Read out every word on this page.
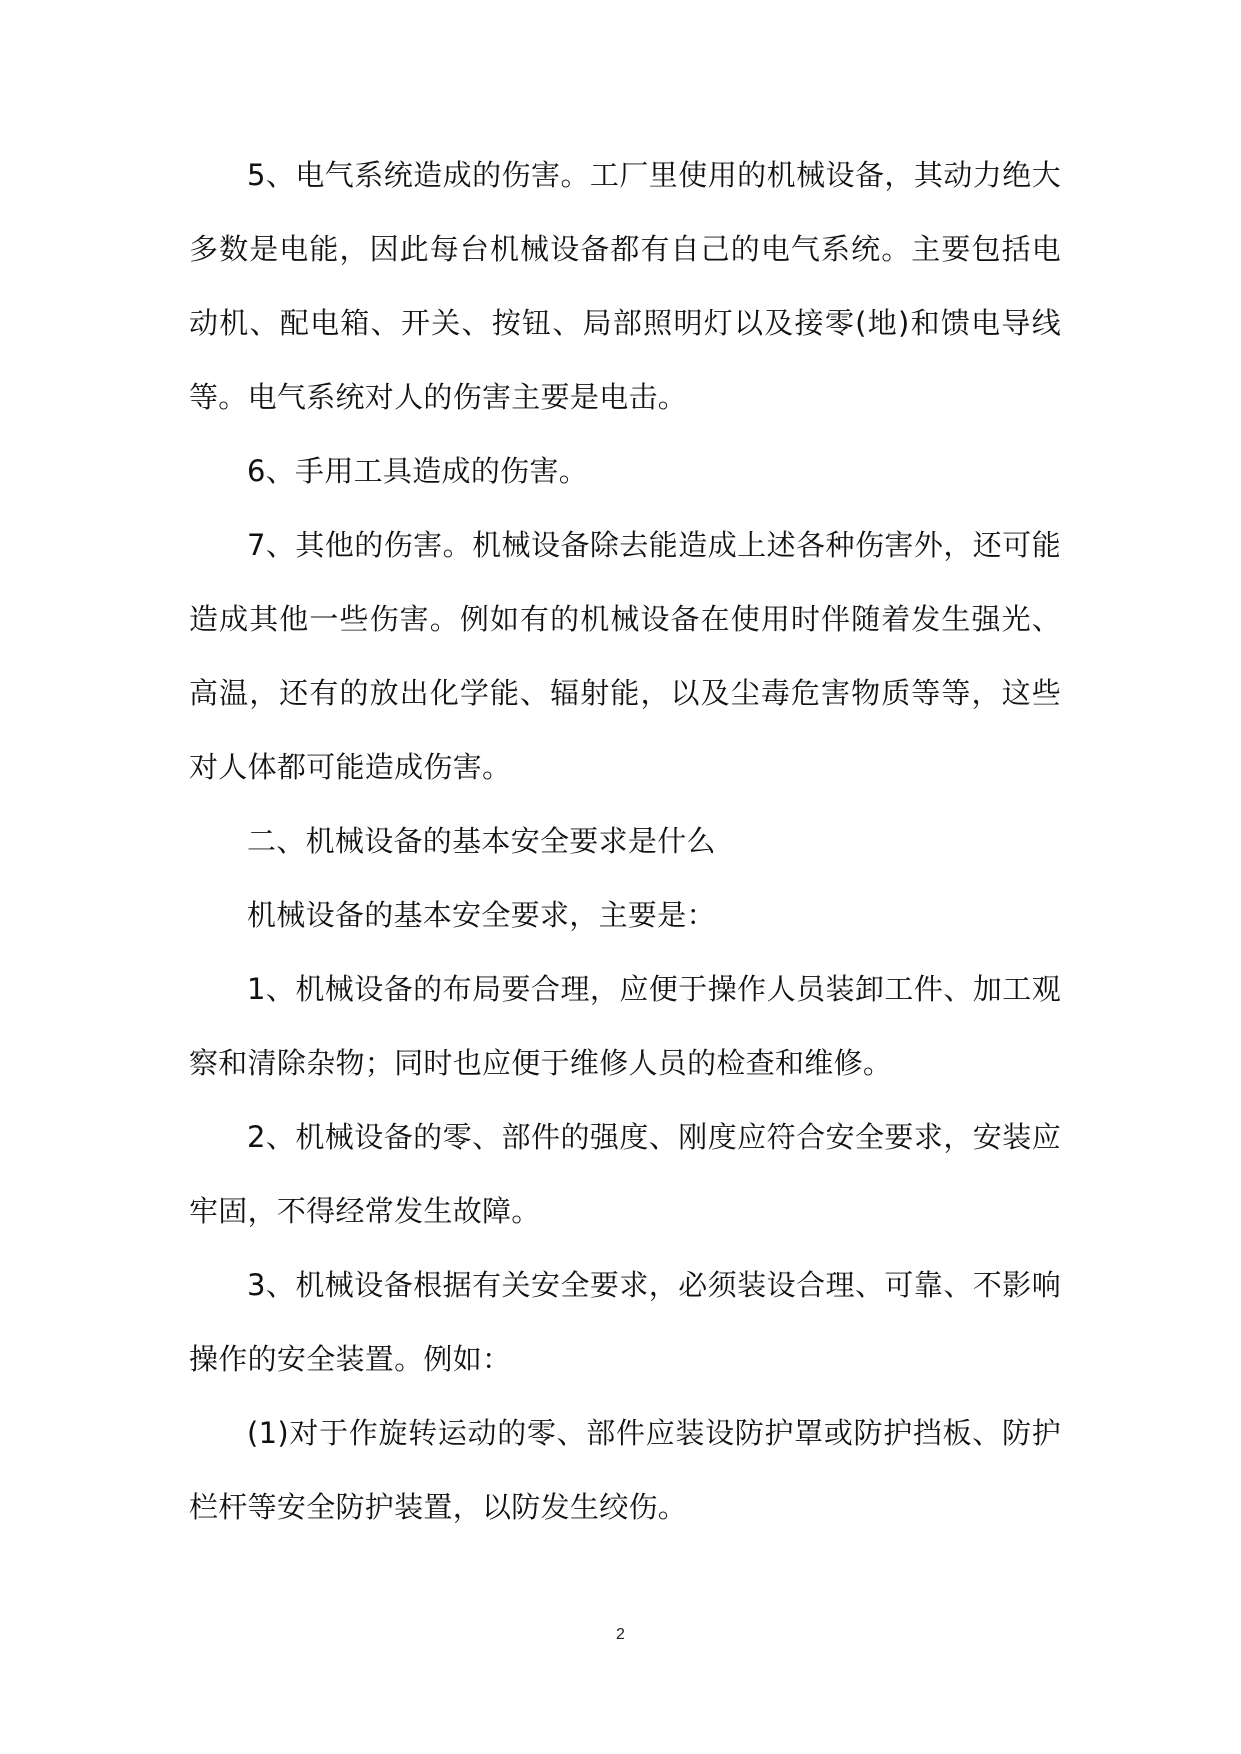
5、电气系统造成的伤害。工厂里使用的机械设备，其动力绝大多数是电能，因此每台机械设备都有自己的电气系统。主要包括电动机、配电箱、开关、按钮、局部照明灯以及接零(地)和馈电导线等。电气系统对人的伤害主要是电击。

6、手用工具造成的伤害。

7、其他的伤害。机械设备除去能造成上述各种伤害外，还可能造成其他一些伤害。例如有的机械设备在使用时伴随着发生强光、高温，还有的放出化学能、辐射能，以及尘毒危害物质等等，这些对人体都可能造成伤害。

二、机械设备的基本安全要求是什么

机械设备的基本安全要求，主要是：

1、机械设备的布局要合理，应便于操作人员装卸工件、加工观察和清除杂物；同时也应便于维修人员的检查和维修。

2、机械设备的零、部件的强度、刚度应符合安全要求，安装应牢固，不得经常发生故障。

3、机械设备根据有关安全要求，必须装设合理、可靠、不影响操作的安全装置。例如：

(1)对于作旋转运动的零、部件应装设防护罩或防护挡板、防护栏杆等安全防护装置，以防发生绞伤。

2
